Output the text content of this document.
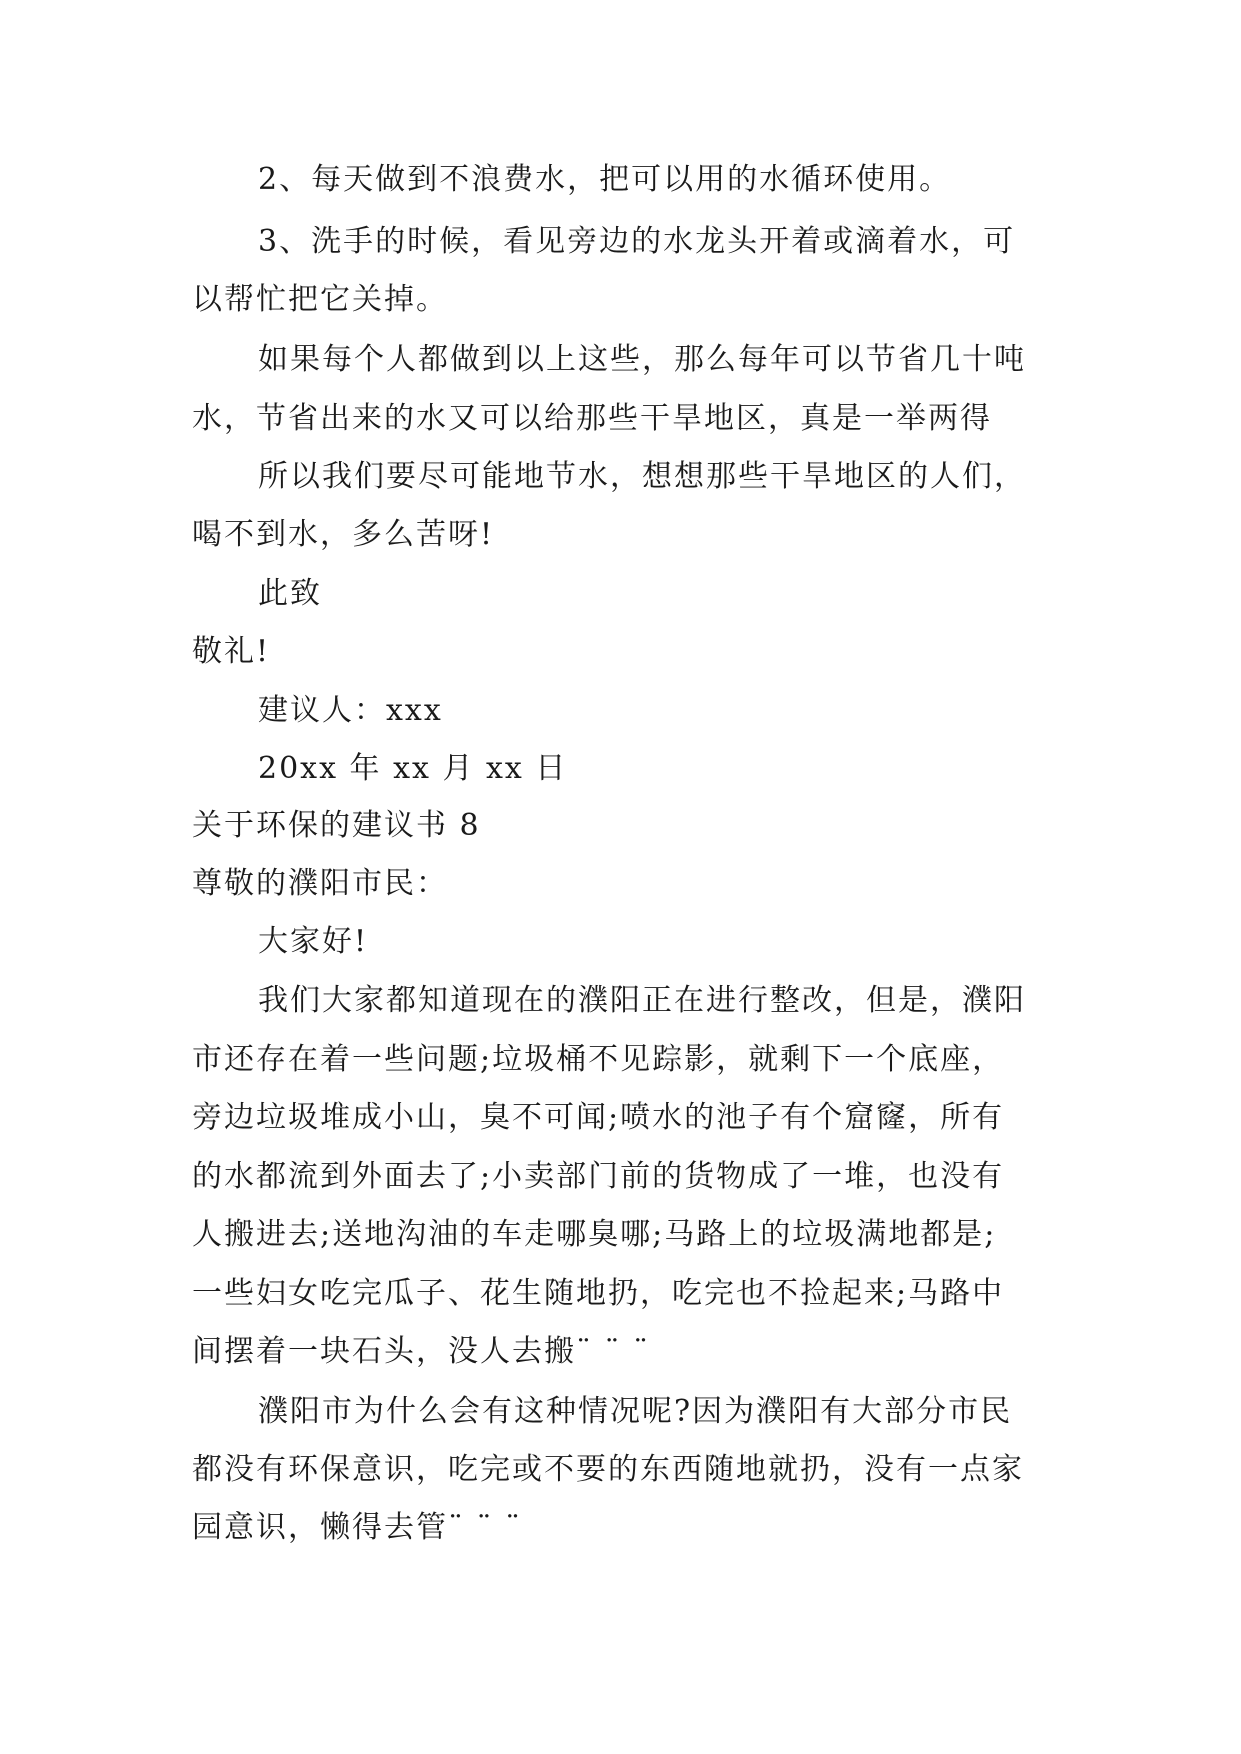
2、每天做到不浪费水，把可以用的水循环使用。
3、洗手的时候，看见旁边的水龙头开着或滴着水，可
以帮忙把它关掉。
如果每个人都做到以上这些，那么每年可以节省几十吨
水，节省出来的水又可以给那些干旱地区，真是一举两得
所以我们要尽可能地节水，想想那些干旱地区的人们，
喝不到水，多么苦呀!
此致
敬礼!
建议人：xxx
20xx 年 xx 月 xx 日
关于环保的建议书 8
尊敬的濮阳市民：
大家好!
我们大家都知道现在的濮阳正在进行整改，但是，濮阳
市还存在着一些问题;垃圾桶不见踪影，就剩下一个底座，
旁边垃圾堆成小山，臭不可闻;喷水的池子有个窟窿，所有
的水都流到外面去了;小卖部门前的货物成了一堆，也没有
人搬进去;送地沟油的车走哪臭哪;马路上的垃圾满地都是;
一些妇女吃完瓜子、花生随地扔，吃完也不捡起来;马路中
间摆着一块石头，没人去搬¨ ¨ ¨
濮阳市为什么会有这种情况呢?因为濮阳有大部分市民
都没有环保意识，吃完或不要的东西随地就扔，没有一点家
园意识，懒得去管¨ ¨ ¨
